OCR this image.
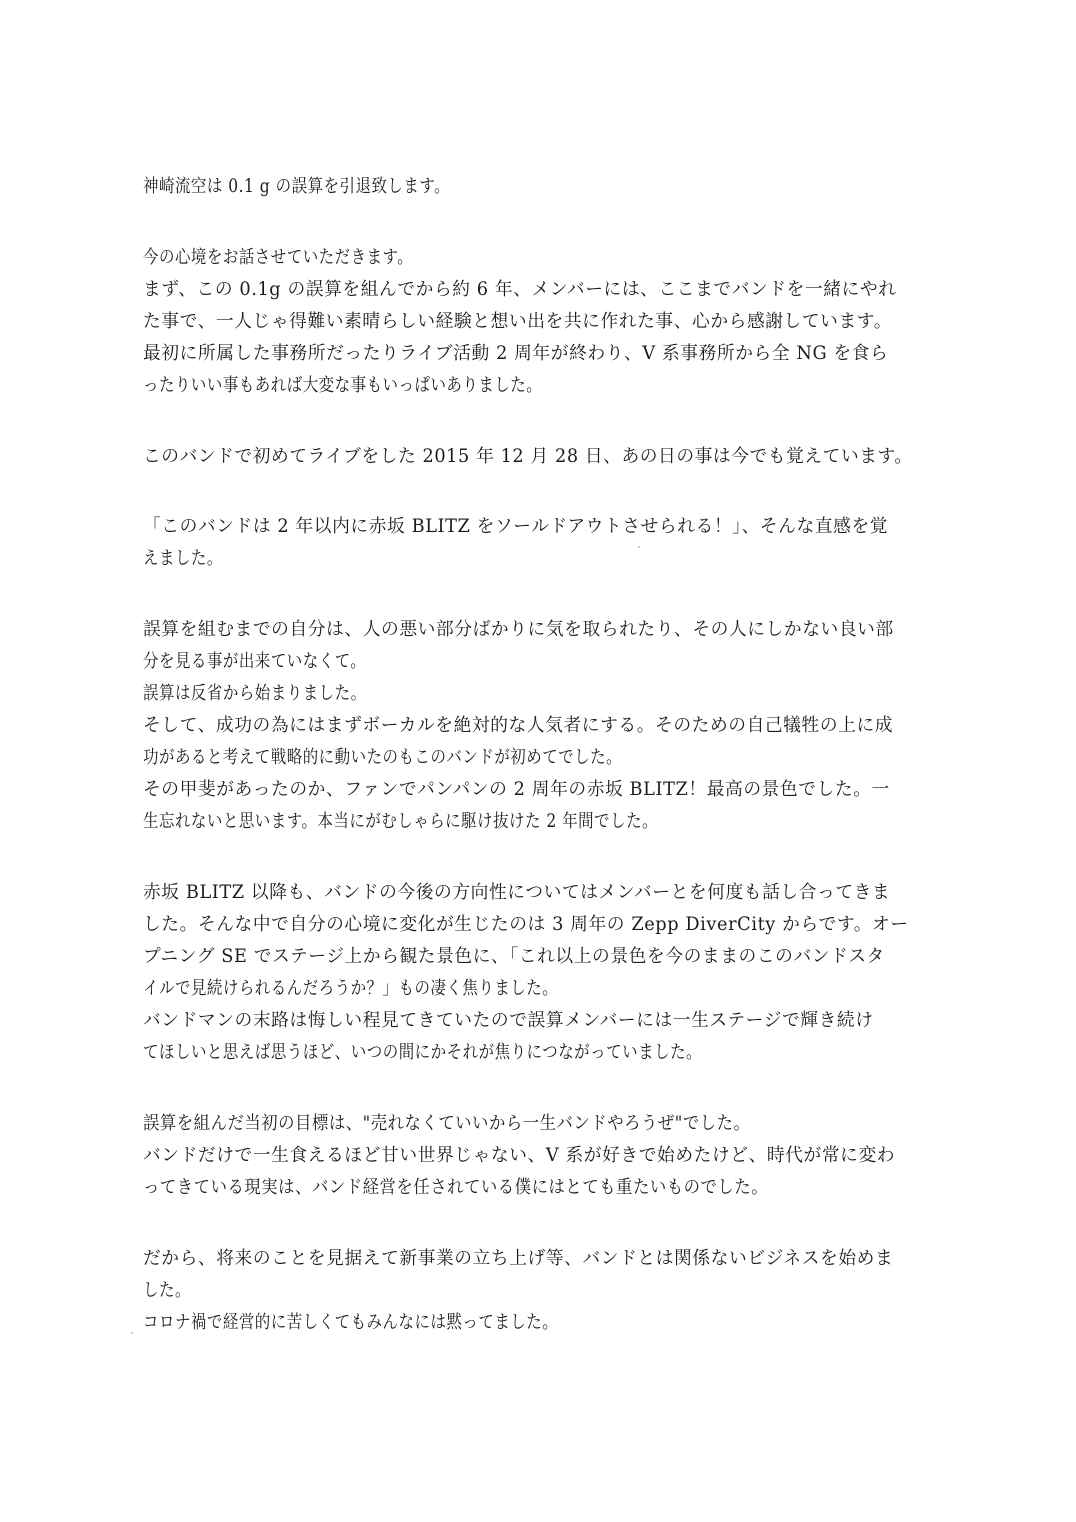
神崎流空は 0.1 g の誤算を引退致します。
今の心境をお話させていただきます。
まず、この 0.1g の誤算を組んでから約 6 年、メンバーには、ここまでバンドを一緒にやれ
た事で、一人じゃ得難い素晴らしい経験と想い出を共に作れた事、心から感謝しています。
最初に所属した事務所だったりライブ活動 2 周年が終わり、V 系事務所から全 NG を食ら
ったりいい事もあれば大変な事もいっぱいありました。
このバンドで初めてライブをした 2015 年 12 月 28 日、あの日の事は今でも覚えています。
「このバンドは 2 年以内に赤坂 BLITZ をソールドアウトさせられる！」、そんな直感を覚
えました。
誤算を組むまでの自分は、人の悪い部分ばかりに気を取られたり、その人にしかない良い部
分を見る事が出来ていなくて。
誤算は反省から始まりました。
そして、成功の為にはまずボーカルを絶対的な人気者にする。そのための自己犠牲の上に成
功があると考えて戦略的に動いたのもこのバンドが初めてでした。
その甲斐があったのか、ファンでパンパンの 2 周年の赤坂 BLITZ！最高の景色でした。一
生忘れないと思います。本当にがむしゃらに駆け抜けた 2 年間でした。
赤坂 BLITZ 以降も、バンドの今後の方向性についてはメンバーとを何度も話し合ってきま
した。そんな中で自分の心境に変化が生じたのは 3 周年の Zepp DiverCity からです。オー
プニング SE でステージ上から観た景色に、「これ以上の景色を今のままのこのバンドスタ
イルで見続けられるんだろうか？」もの凄く焦りました。
バンドマンの末路は悔しい程見てきていたので誤算メンバーには一生ステージで輝き続け
てほしいと思えば思うほど、いつの間にかそれが焦りにつながっていました。
誤算を組んだ当初の目標は、"売れなくていいから一生バンドやろうぜ"でした。
バンドだけで一生食えるほど甘い世界じゃない、V 系が好きで始めたけど、時代が常に変わ
ってきている現実は、バンド経営を任されている僕にはとても重たいものでした。
だから、将来のことを見据えて新事業の立ち上げ等、バンドとは関係ないビジネスを始めま
した。
コロナ禍で経営的に苦しくてもみんなには黙ってました。
